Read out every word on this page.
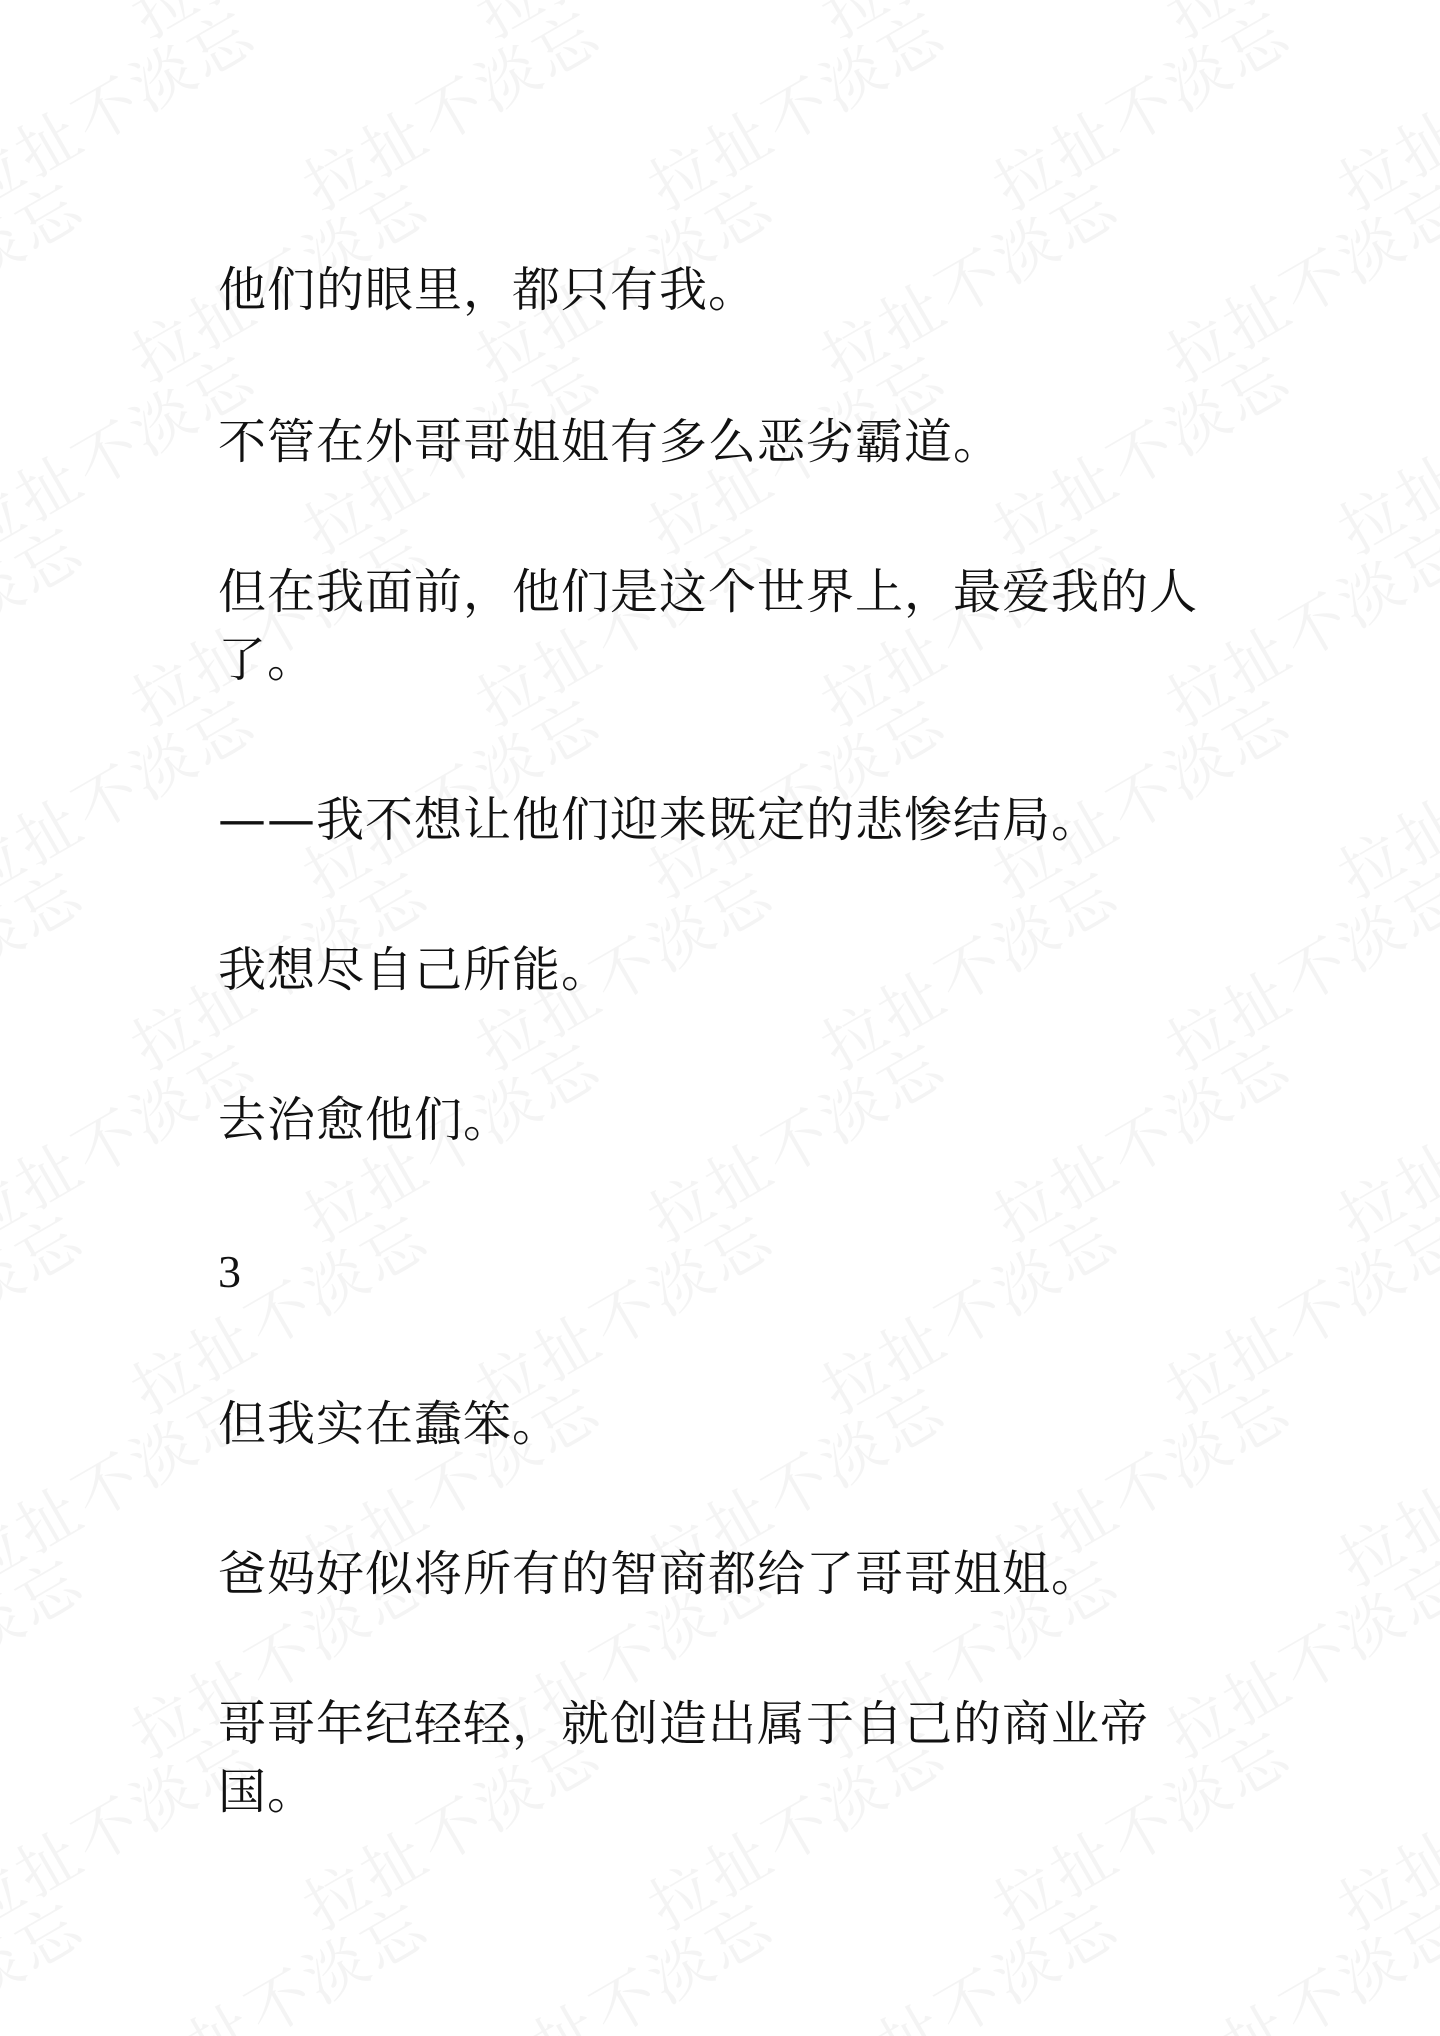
他们的眼里，都只有我。

不管在外哥哥姐姐有多么恶劣霸道。

但在我面前，他们是这个世界上，最爱我的人了。

——我不想让他们迎来既定的悲惨结局。

我想尽自己所能。

去治愈他们。

3

但我实在蠢笨。

爸妈好似将所有的智商都给了哥哥姐姐。

哥哥年纪轻轻，就创造出属于自己的商业帝国。
